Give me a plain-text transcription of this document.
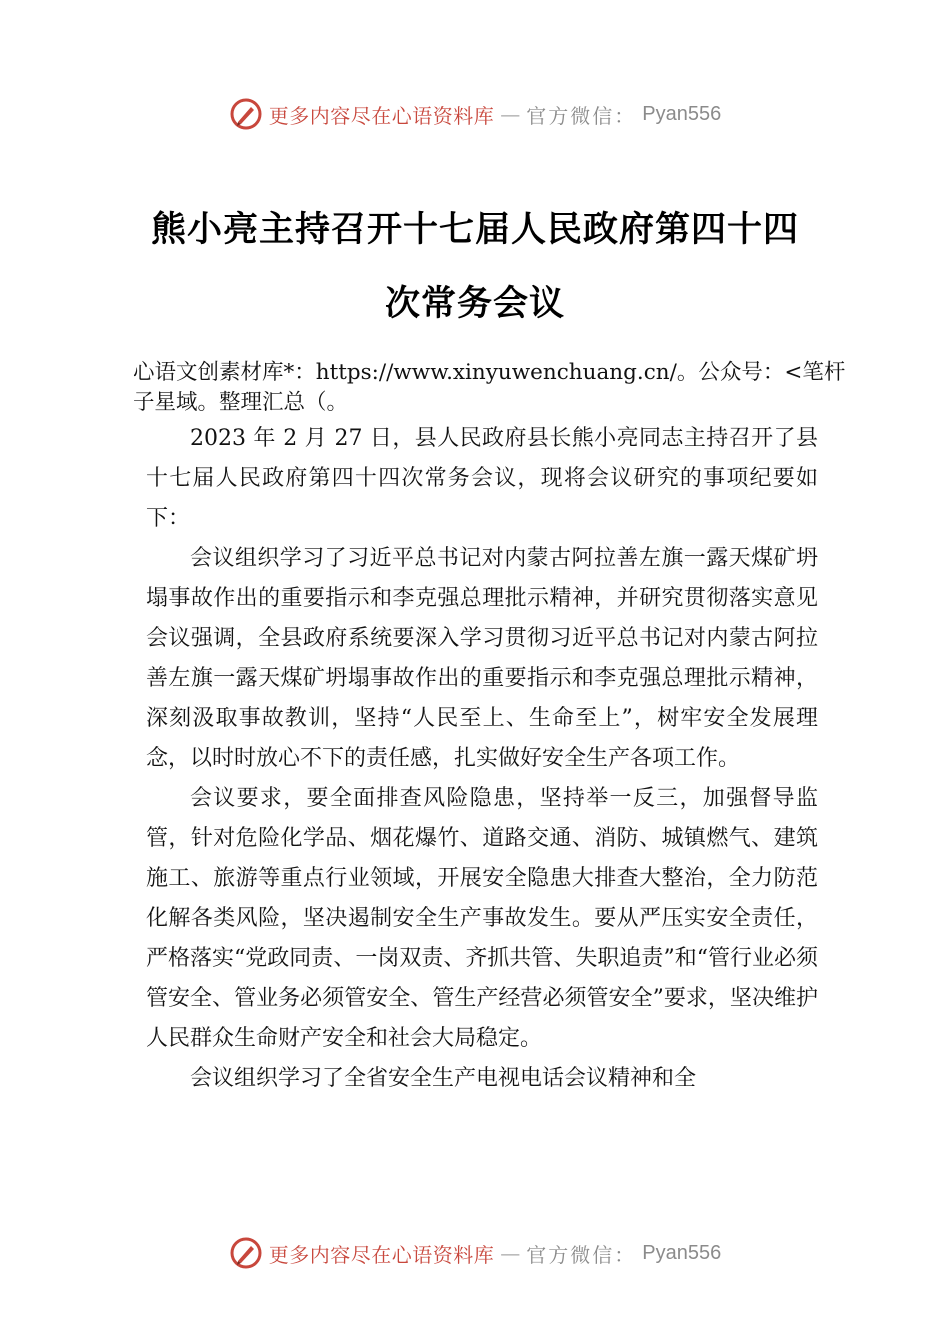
更多内容尽在心语资料库 — 官方微信： Pyan556
熊小亮主持召开十七届人民政府第四十四
次常务会议

心语文创素材库*：https://www.xinyuwenchuang.cn/。公众号：<笔杆子星域。整理汇总（。

2023 年 2 月 27 日，县人民政府县长熊小亮同志主持召开了县十七届人民政府第四十四次常务会议，现将会议研究的事项纪要如下：

会议组织学习了习近平总书记对内蒙古阿拉善左旗一露天煤矿坍塌事故作出的重要指示和李克强总理批示精神，并研究贯彻落实意见会议强调，全县政府系统要深入学习贯彻习近平总书记对内蒙古阿拉善左旗一露天煤矿坍塌事故作出的重要指示和李克强总理批示精神，深刻汲取事故教训，坚持“人民至上、生命至上”，树牢安全发展理念，以时时放心不下的责任感，扎实做好安全生产各项工作。

会议要求，要全面排查风险隐患，坚持举一反三，加强督导监管，针对危险化学品、烟花爆竹、道路交通、消防、城镇燃气、建筑施工、旅游等重点行业领域，开展安全隐患大排查大整治，全力防范化解各类风险，坚决遏制安全生产事故发生。要从严压实安全责任，严格落实“党政同责、一岗双责、齐抓共管、失职追责”和“管行业必须管安全、管业务必须管安全、管生产经营必须管安全”要求，坚决维护人民群众生命财产安全和社会大局稳定。

会议组织学习了全省安全生产电视电话会议精神和全

更多内容尽在心语资料库 — 官方微信： Pyan556
